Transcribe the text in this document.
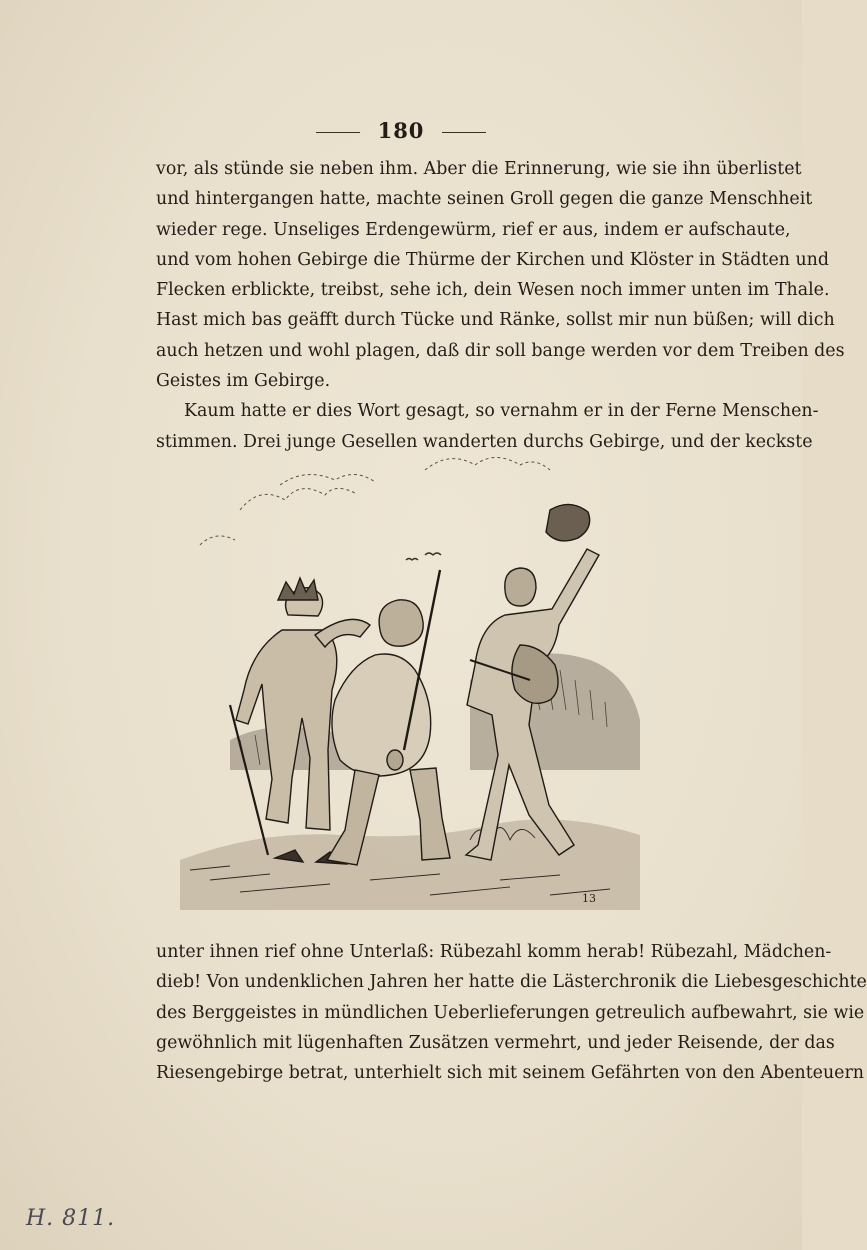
180
vor, als stünde sie neben ihm. Aber die Erinnerung, wie sie ihn überlistet
und hintergangen hatte, machte seinen Groll gegen die ganze Menschheit
wieder rege. Unseliges Erdengewürm, rief er aus, indem er aufschaute,
und vom hohen Gebirge die Thürme der Kirchen und Klöster in Städten und
Flecken erblickte, treibst, sehe ich, dein Wesen noch immer unten im Thale.
Hast mich bas geäfft durch Tücke und Ränke, sollst mir nun büßen; will dich
auch hetzen und wohl plagen, daß dir soll bange werden vor dem Treiben des
Geistes im Gebirge.
Kaum hatte er dies Wort gesagt, so vernahm er in der Ferne Menschen-
stimmen. Drei junge Gesellen wanderten durchs Gebirge, und der keckste
13
unter ihnen rief ohne Unterlaß: Rübezahl komm herab! Rübezahl, Mädchen-
dieb! Von undenklichen Jahren her hatte die Lästerchronik die Liebesgeschichte
des Berggeistes in mündlichen Ueberlieferungen getreulich aufbewahrt, sie wie
gewöhnlich mit lügenhaften Zusätzen vermehrt, und jeder Reisende, der das
Riesengebirge betrat, unterhielt sich mit seinem Gefährten von den Abenteuern
H. 811.
